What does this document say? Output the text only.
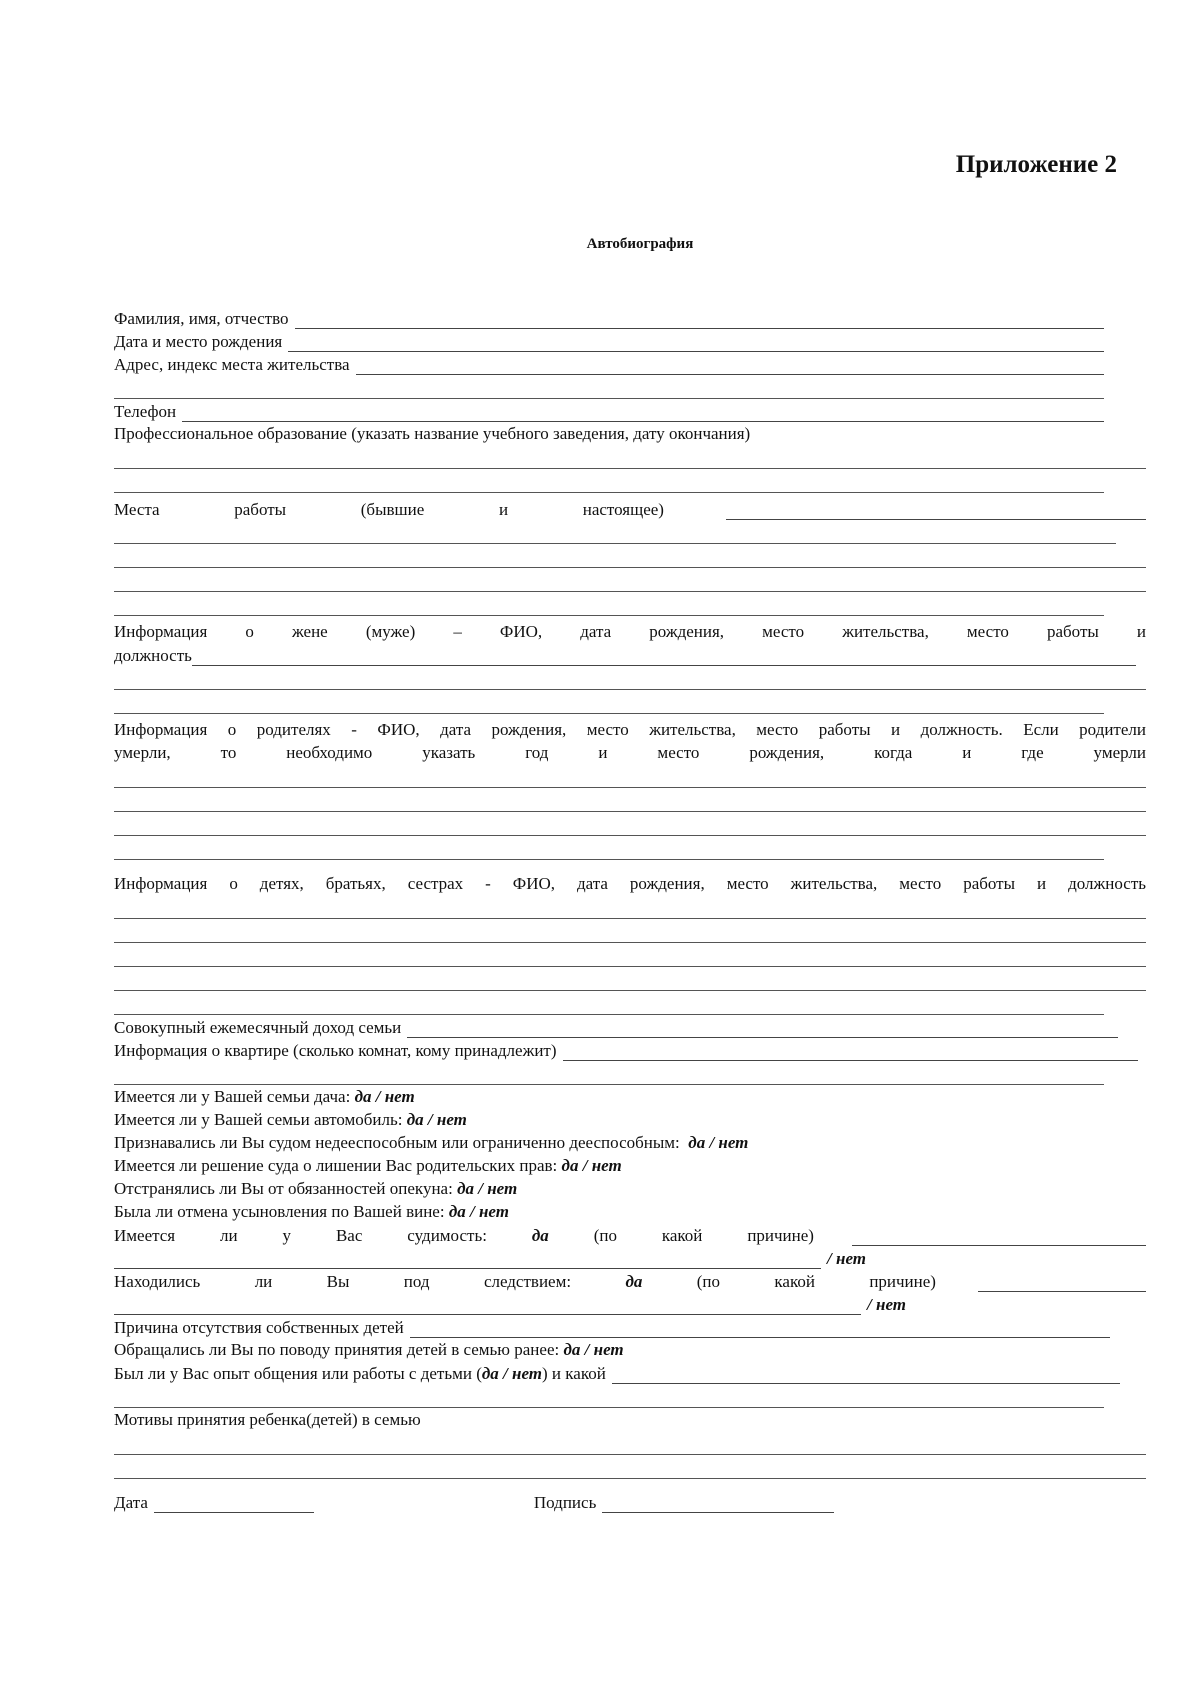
Приложение 2
Автобиография
Фамилия, имя, отчество
Дата и место рождения
Адрес, индекс места жительства
Телефон
Профессиональное образование (указать название учебного заведения, дату окончания)
Места	работы	(бывшие	и	настоящее)
Информация о жене (муже) – ФИО, дата рождения, место жительства, место работы и
должность
Информация о родителях - ФИО, дата рождения, место жительства, место работы и должность. Если родители
умерли, то необходимо указать год и место рождения, когда и где умерли
Информация о детях, братьях, сестрах - ФИО, дата рождения, место жительства, место работы и должность
Совокупный ежемесячный доход семьи
Информация о квартире (сколько комнат, кому принадлежит)
Имеется ли у Вашей семьи дача: да / нет
Имеется ли у Вашей семьи автомобиль: да / нет
Признавались ли Вы судом недееспособным или ограниченно дееспособным: да / нет
Имеется ли решение суда о лишении Вас родительских прав: да / нет
Отстранялись ли Вы от обязанностей опекуна: да / нет
Была ли отмена усыновления по Вашей вине: да / нет
Имеется	ли	у	Вас	судимость:	да	(по	какой	причине)
/ нет
Находились	ли	Вы	под	следствием:	да	(по	какой	причине)
/ нет
Причина отсутствия собственных детей
Обращались ли Вы по поводу принятия детей в семью ранее: да / нет
Был ли у Вас опыт общения или работы с детьми (да / нет) и какой
Мотивы принятия ребенка(детей) в семью
Дата	Подпись
